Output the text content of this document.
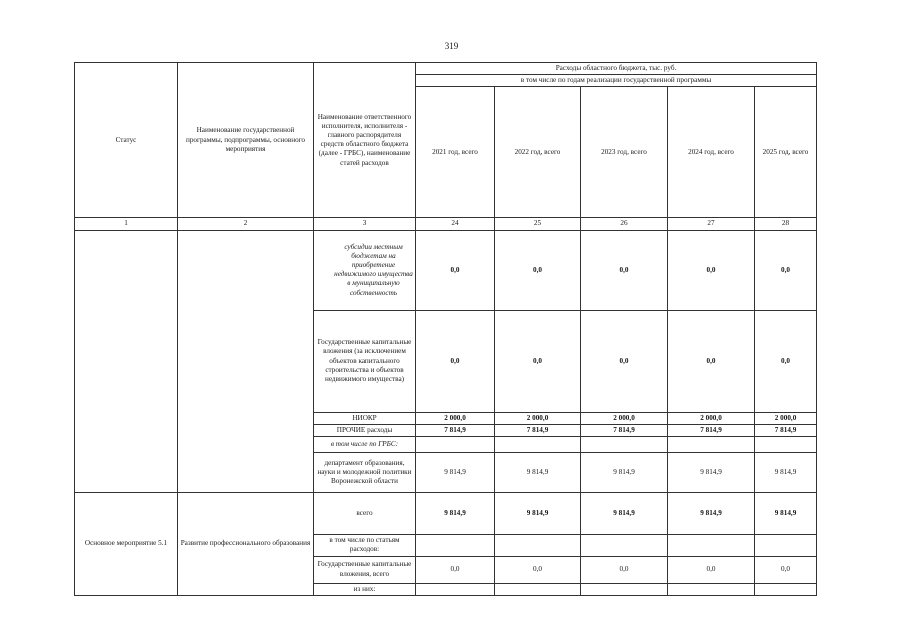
319
Статус	Наименование государственной программы, подпрограммы, основного мероприятия	Наименование ответственного исполнителя, исполнителя - главного распорядителя средств областного бюджета (далее - ГРБС), наименование статей расходов	Расходы областного бюджета, тыс. руб.				
			в том числе по годам реализации государственной программы				
			2021 год, всего	2022 год, всего	2023 год, всего	2024 год, всего	2025 год, всего
1	2	3	24	25	26	27	28
		субсидии местным бюджетам на приобретение недвижимого имущества в муниципальную собственность	0,0	0,0	0,0	0,0	0,0
		Государственные капитальные вложения (за исключением объектов капитального строительства и объектов недвижимого имущества)	0,0	0,0	0,0	0,0	0,0
		НИОКР	2 000,0	2 000,0	2 000,0	2 000,0	2 000,0
		ПРОЧИЕ расходы	7 814,9	7 814,9	7 814,9	7 814,9	7 814,9
		в том числе по ГРБС:					
		департамент образования, науки и молодежной политики Воронежской области	9 814,9	9 814,9	9 814,9	9 814,9	9 814,9
Основное мероприятие 5.1	Развитие профессионального образования	всего	9 814,9	9 814,9	9 814,9	9 814,9	9 814,9
		в том числе по статьям расходов:					
		Государственные капитальные вложения, всего	0,0	0,0	0,0	0,0	0,0
		из них:					
